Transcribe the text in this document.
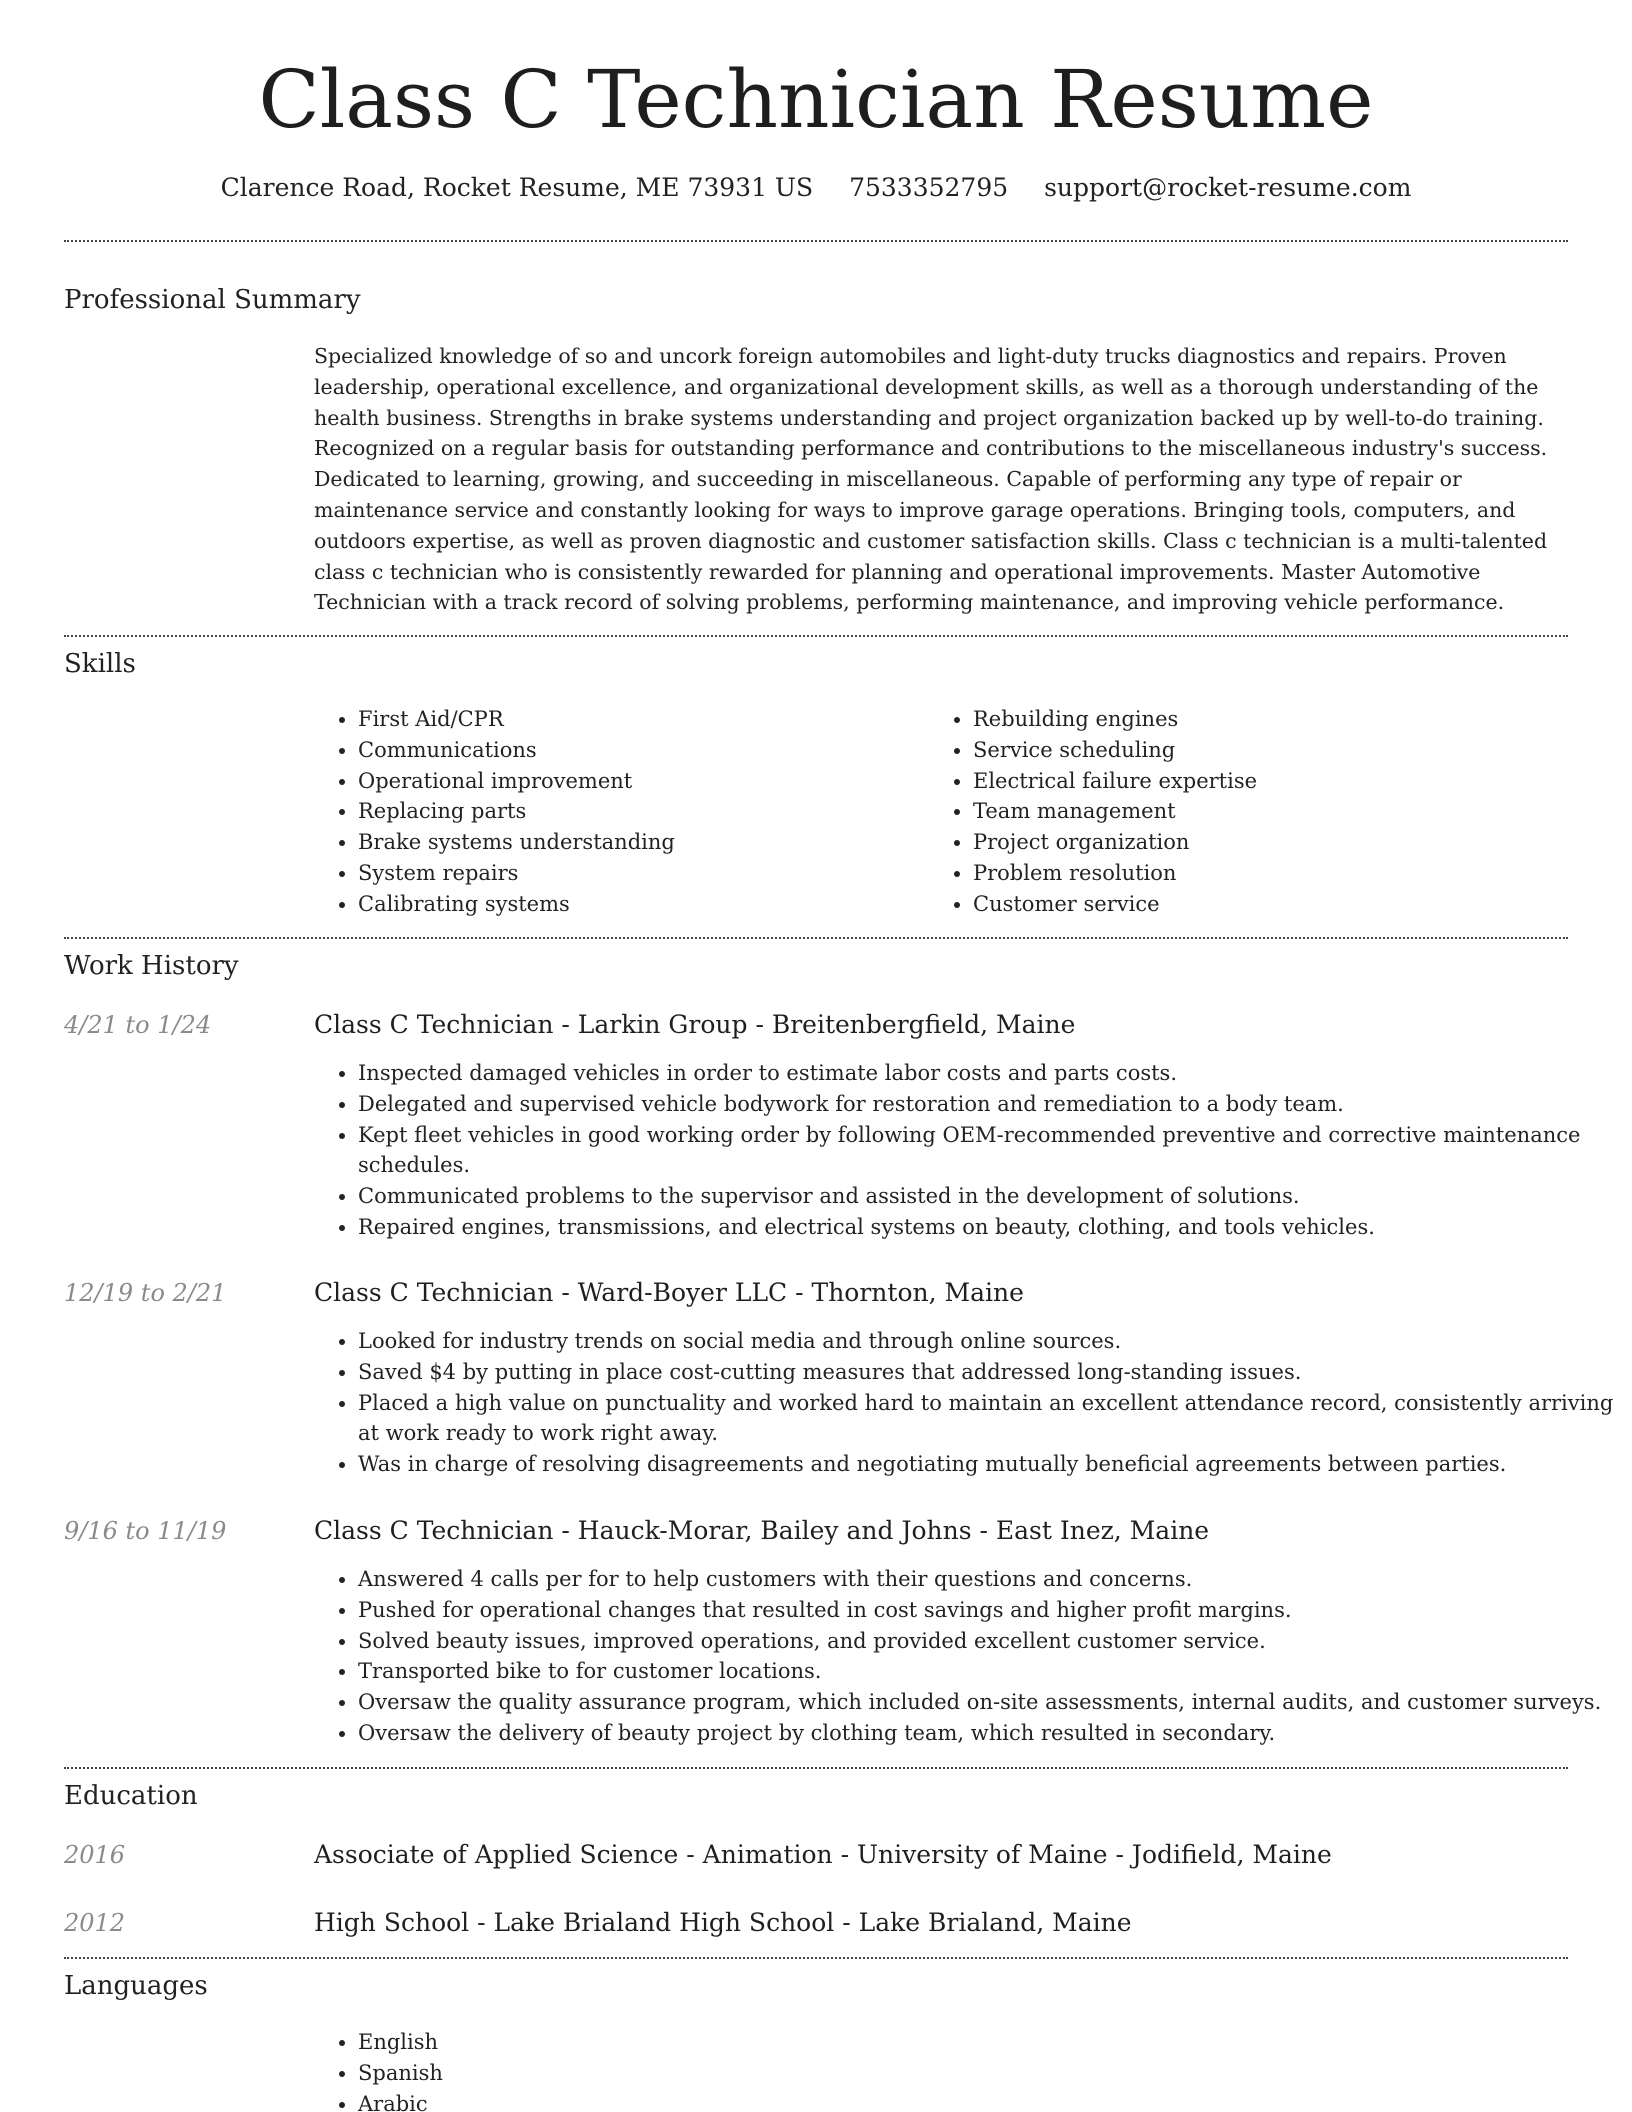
Class C Technician Resume
Clarence Road, Rocket Resume, ME 73931 US 7533352795 support@rocket-resume.com
Professional Summary
Specialized knowledge of so and uncork foreign automobiles and light-duty trucks diagnostics and repairs. Proven leadership, operational excellence, and organizational development skills, as well as a thorough understanding of the health business. Strengths in brake systems understanding and project organization backed up by well-to-do training. Recognized on a regular basis for outstanding performance and contributions to the miscellaneous industry's success. Dedicated to learning, growing, and succeeding in miscellaneous. Capable of performing any type of repair or maintenance service and constantly looking for ways to improve garage operations. Bringing tools, computers, and outdoors expertise, as well as proven diagnostic and customer satisfaction skills. Class c technician is a multi-talented class c technician who is consistently rewarded for planning and operational improvements. Master Automotive Technician with a track record of solving problems, performing maintenance, and improving vehicle performance.
Skills
• First Aid/CPR
• Communications
• Operational improvement
• Replacing parts
• Brake systems understanding
• System repairs
• Calibrating systems
• Rebuilding engines
• Service scheduling
• Electrical failure expertise
• Team management
• Project organization
• Problem resolution
• Customer service
Work History
4/21 to 1/24	Class C Technician - Larkin Group - Breitenbergfield, Maine
• Inspected damaged vehicles in order to estimate labor costs and parts costs.
• Delegated and supervised vehicle bodywork for restoration and remediation to a body team.
• Kept fleet vehicles in good working order by following OEM-recommended preventive and corrective maintenance schedules.
• Communicated problems to the supervisor and assisted in the development of solutions.
• Repaired engines, transmissions, and electrical systems on beauty, clothing, and tools vehicles.
12/19 to 2/21	Class C Technician - Ward-Boyer LLC - Thornton, Maine
• Looked for industry trends on social media and through online sources.
• Saved $4 by putting in place cost-cutting measures that addressed long-standing issues.
• Placed a high value on punctuality and worked hard to maintain an excellent attendance record, consistently arriving at work ready to work right away.
• Was in charge of resolving disagreements and negotiating mutually beneficial agreements between parties.
9/16 to 11/19	Class C Technician - Hauck-Morar, Bailey and Johns - East Inez, Maine
• Answered 4 calls per for to help customers with their questions and concerns.
• Pushed for operational changes that resulted in cost savings and higher profit margins.
• Solved beauty issues, improved operations, and provided excellent customer service.
• Transported bike to for customer locations.
• Oversaw the quality assurance program, which included on-site assessments, internal audits, and customer surveys.
• Oversaw the delivery of beauty project by clothing team, which resulted in secondary.
Education
2016	Associate of Applied Science - Animation - University of Maine - Jodifield, Maine
2012	High School - Lake Brialand High School - Lake Brialand, Maine
Languages
• English
• Spanish
• Arabic
